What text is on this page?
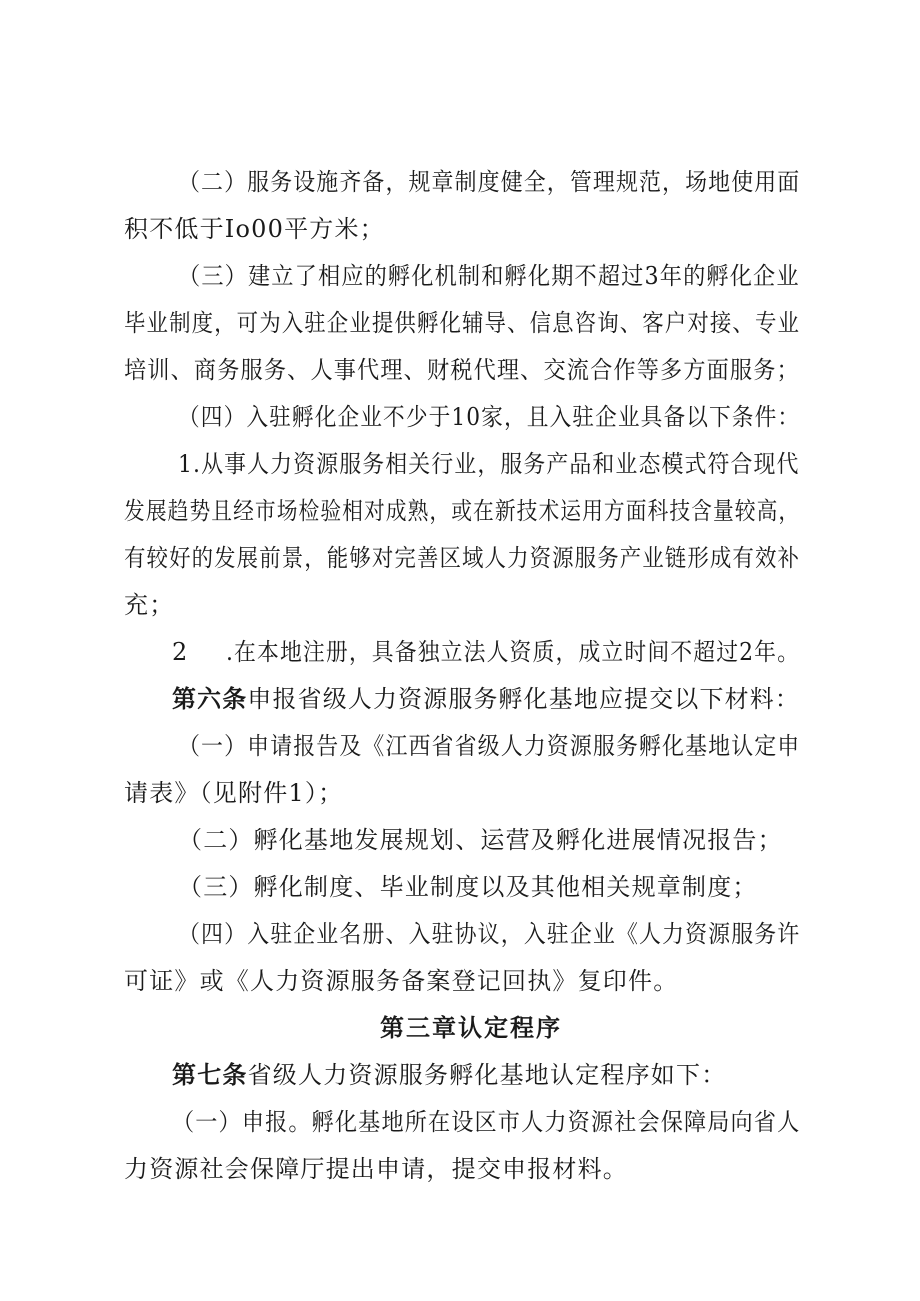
（二）服务设施齐备，规章制度健全，管理规范，场地使用面
积不低于Io00平方米；
（三）建立了相应的孵化机制和孵化期不超过3年的孵化企业
毕业制度，可为入驻企业提供孵化辅导、信息咨询、客户对接、专业
培训、商务服务、人事代理、财税代理、交流合作等多方面服务；
（四）入驻孵化企业不少于10家，且入驻企业具备以下条件：
1.从事人力资源服务相关行业，服务产品和业态模式符合现代
发展趋势且经市场检验相对成熟，或在新技术运用方面科技含量较高，
有较好的发展前景，能够对完善区域人力资源服务产业链形成有效补
充；
2 .在本地注册，具备独立法人资质，成立时间不超过2年。
第六条申报省级人力资源服务孵化基地应提交以下材料：
（一）申请报告及《江西省省级人力资源服务孵化基地认定申
请表》（见附件1）；
（二）孵化基地发展规划、运营及孵化进展情况报告；
（三）孵化制度、毕业制度以及其他相关规章制度；
（四）入驻企业名册、入驻协议，入驻企业《人力资源服务许
可证》或《人力资源服务备案登记回执》复印件。
第三章认定程序
第七条省级人力资源服务孵化基地认定程序如下：
（一）申报。孵化基地所在设区市人力资源社会保障局向省人
力资源社会保障厅提出申请，提交申报材料。
